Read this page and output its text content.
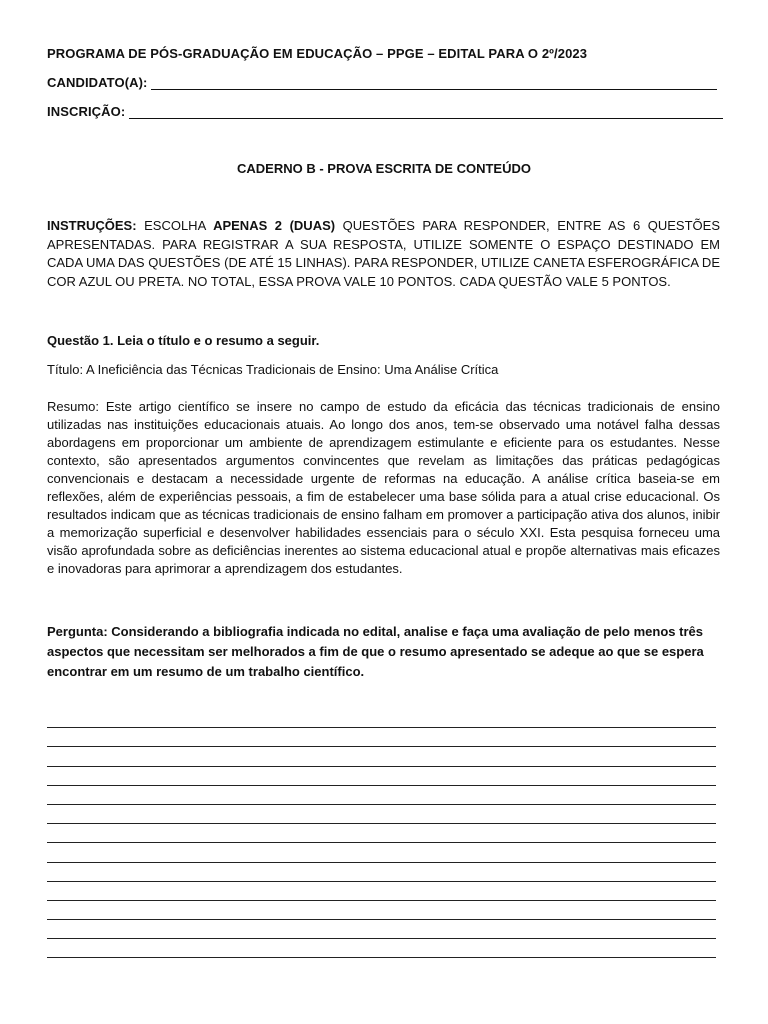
PROGRAMA DE PÓS-GRADUAÇÃO EM EDUCAÇÃO – PPGE – EDITAL PARA O 2º/2023
CANDIDATO(A):
INSCRIÇÃO:
CADERNO B - PROVA ESCRITA DE CONTEÚDO
INSTRUÇÕES: ESCOLHA APENAS 2 (DUAS) QUESTÕES PARA RESPONDER, ENTRE AS 6 QUESTÕES APRESENTADAS. PARA REGISTRAR A SUA RESPOSTA, UTILIZE SOMENTE O ESPAÇO DESTINADO EM CADA UMA DAS QUESTÕES (DE ATÉ 15 LINHAS). PARA RESPONDER, UTILIZE CANETA ESFEROGRÁFICA DE COR AZUL OU PRETA. NO TOTAL, ESSA PROVA VALE 10 PONTOS. CADA QUESTÃO VALE 5 PONTOS.
Questão 1. Leia o título e o resumo a seguir.
Título: A Ineficiência das Técnicas Tradicionais de Ensino: Uma Análise Crítica
Resumo: Este artigo científico se insere no campo de estudo da eficácia das técnicas tradicionais de ensino utilizadas nas instituições educacionais atuais. Ao longo dos anos, tem-se observado uma notável falha dessas abordagens em proporcionar um ambiente de aprendizagem estimulante e eficiente para os estudantes. Nesse contexto, são apresentados argumentos convincentes que revelam as limitações das práticas pedagógicas convencionais e destacam a necessidade urgente de reformas na educação. A análise crítica baseia-se em reflexões, além de experiências pessoais, a fim de estabelecer uma base sólida para a atual crise educacional. Os resultados indicam que as técnicas tradicionais de ensino falham em promover a participação ativa dos alunos, inibir a memorização superficial e desenvolver habilidades essenciais para o século XXI. Esta pesquisa forneceu uma visão aprofundada sobre as deficiências inerentes ao sistema educacional atual e propõe alternativas mais eficazes e inovadoras para aprimorar a aprendizagem dos estudantes.
Pergunta: Considerando a bibliografia indicada no edital, analise e faça uma avaliação de pelo menos três aspectos que necessitam ser melhorados a fim de que o resumo apresentado se adeque ao que se espera encontrar em um resumo de um trabalho científico.
